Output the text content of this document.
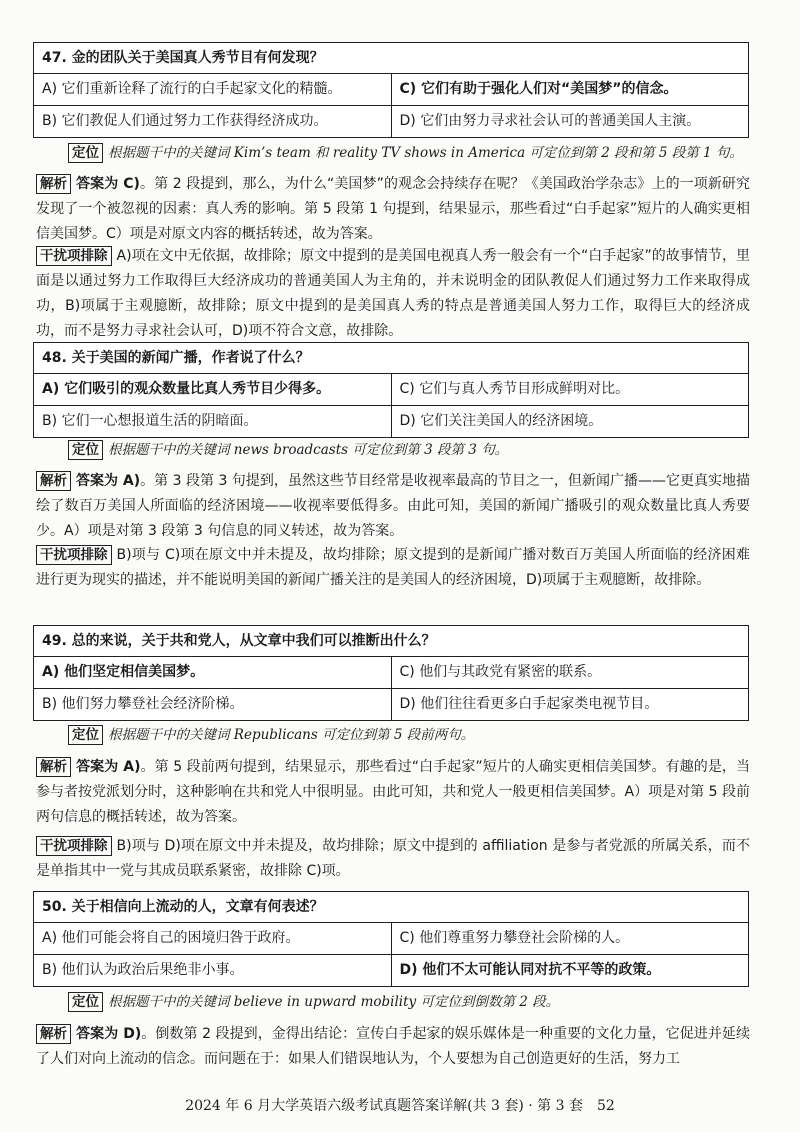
47. 金的团队关于美国真人秀节目有何发现？
A) 它们重新诠释了流行的白手起家文化的精髓。	C) 它们有助于强化人们对“美国梦”的信念。
B) 它们教促人们通过努力工作获得经济成功。	D) 它们由努力寻求社会认可的普通美国人主演。
定位 根据题干中的关键词 Kim’s team 和 reality TV shows in America 可定位到第 2 段和第 5 段第 1 句。
解析 答案为 C)。第 2 段提到，那么，为什么“美国梦”的观念会持续存在呢？《美国政治学杂志》上的一项新研究发现了一个被忽视的因素：真人秀的影响。第 5 段第 1 句提到，结果显示，那些看过“白手起家”短片的人确实更相信美国梦。C）项是对原文内容的概括转述，故为答案。
干扰项排除 A)项在文中无依据，故排除；原文中提到的是美国电视真人秀一般会有一个“白手起家”的故事情节，里面是以通过努力工作取得巨大经济成功的普通美国人为主角的，并未说明金的团队教促人们通过努力工作来取得成功，B)项属于主观臆断，故排除；原文中提到的是美国真人秀的特点是普通美国人努力工作，取得巨大的经济成功，而不是努力寻求社会认可，D)项不符合文意，故排除。
48. 关于美国的新闻广播，作者说了什么？
A) 它们吸引的观众数量比真人秀节目少得多。	C) 它们与真人秀节目形成鲜明对比。
B) 它们一心想报道生活的阴暗面。	D) 它们关注美国人的经济困境。
定位 根据题干中的关键词 news broadcasts 可定位到第 3 段第 3 句。
解析 答案为 A)。第 3 段第 3 句提到，虽然这些节目经常是收视率最高的节目之一，但新闻广播——它更真实地描绘了数百万美国人所面临的经济困境——收视率要低得多。由此可知，美国的新闻广播吸引的观众数量比真人秀要少。A）项是对第 3 段第 3 句信息的同义转述，故为答案。
干扰项排除 B)项与 C)项在原文中并未提及，故均排除；原文提到的是新闻广播对数百万美国人所面临的经济困难进行更为现实的描述，并不能说明美国的新闻广播关注的是美国人的经济困境，D)项属于主观臆断，故排除。
49. 总的来说，关于共和党人，从文章中我们可以推断出什么？
A) 他们坚定相信美国梦。	C) 他们与其政党有紧密的联系。
B) 他们努力攀登社会经济阶梯。	D) 他们往往看更多白手起家类电视节目。
定位 根据题干中的关键词 Republicans 可定位到第 5 段前两句。
解析 答案为 A)。第 5 段前两句提到，结果显示，那些看过“白手起家”短片的人确实更相信美国梦。有趣的是，当参与者按党派划分时，这种影响在共和党人中很明显。由此可知，共和党人一般更相信美国梦。A）项是对第 5 段前两句信息的概括转述，故为答案。
干扰项排除 B)项与 D)项在原文中并未提及，故均排除；原文中提到的 affiliation 是参与者党派的所属关系，而不是单指其中一党与其成员联系紧密，故排除 C)项。
50. 关于相信向上流动的人，文章有何表述？
A) 他们可能会将自己的困境归咎于政府。	C) 他们尊重努力攀登社会阶梯的人。
B) 他们认为政治后果绝非小事。	D) 他们不太可能认同对抗不平等的政策。
定位 根据题干中的关键词 believe in upward mobility 可定位到倒数第 2 段。
解析 答案为 D)。倒数第 2 段提到，金得出结论：宣传白手起家的娱乐媒体是一种重要的文化力量，它促进并延续了人们对向上流动的信念。而问题在于：如果人们错误地认为，个人要想为自己创造更好的生活，努力工
2024 年 6 月大学英语六级考试真题答案详解(共 3 套) · 第 3 套　52
